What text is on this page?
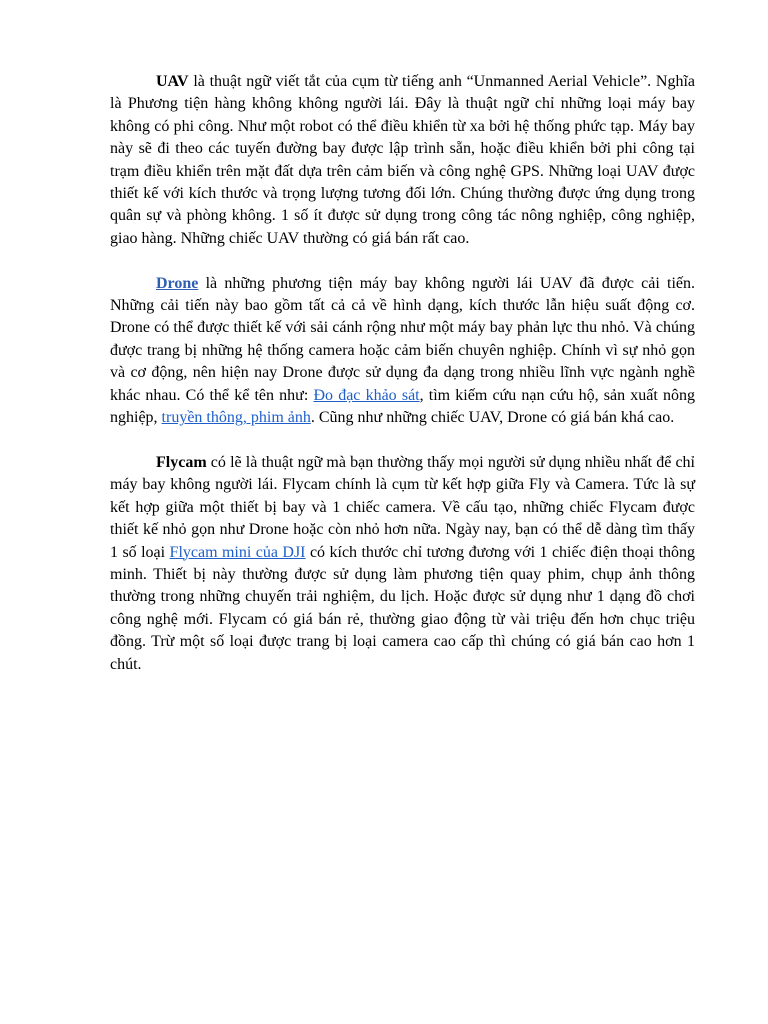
UAV là thuật ngữ viết tắt của cụm từ tiếng anh “Unmanned Aerial Vehicle”. Nghĩa là Phương tiện hàng không không người lái. Đây là thuật ngữ chỉ những loại máy bay không có phi công. Như một robot có thể điều khiển từ xa bởi hệ thống phức tạp. Máy bay này sẽ đi theo các tuyến đường bay được lập trình sẵn, hoặc điều khiển bởi phi công tại trạm điều khiển trên mặt đất dựa trên cảm biến và công nghệ GPS. Những loại UAV được thiết kế với kích thước và trọng lượng tương đối lớn. Chúng thường được ứng dụng trong quân sự và phòng không. 1 số ít được sử dụng trong công tác nông nghiệp, công nghiệp, giao hàng. Những chiếc UAV thường có giá bán rất cao.

Drone là những phương tiện máy bay không người lái UAV đã được cải tiến. Những cải tiến này bao gồm tất cả cả về hình dạng, kích thước lẫn hiệu suất động cơ. Drone có thể được thiết kế với sải cánh rộng như một máy bay phản lực thu nhỏ. Và chúng được trang bị những hệ thống camera hoặc cảm biến chuyên nghiệp. Chính vì sự nhỏ gọn và cơ động, nên hiện nay Drone được sử dụng đa dạng trong nhiều lĩnh vực ngành nghề khác nhau. Có thể kể tên như: Đo đạc khảo sát, tìm kiếm cứu nạn cứu hộ, sản xuất nông nghiệp, truyền thông, phim ảnh. Cũng như những chiếc UAV, Drone có giá bán khá cao.

Flycam có lẽ là thuật ngữ mà bạn thường thấy mọi người sử dụng nhiều nhất để chỉ máy bay không người lái. Flycam chính là cụm từ kết hợp giữa Fly và Camera. Tức là sự kết hợp giữa một thiết bị bay và 1 chiếc camera. Về cấu tạo, những chiếc Flycam được thiết kế nhỏ gọn như Drone hoặc còn nhỏ hơn nữa. Ngày nay, bạn có thể dễ dàng tìm thấy 1 số loại Flycam mini của DJI có kích thước chỉ tương đương với 1 chiếc điện thoại thông minh. Thiết bị này thường được sử dụng làm phương tiện quay phim, chụp ảnh thông thường trong những chuyến trải nghiệm, du lịch. Hoặc được sử dụng như 1 dạng đồ chơi công nghệ mới. Flycam có giá bán rẻ, thường giao động từ vài triệu đến hơn chục triệu đồng. Trừ một số loại được trang bị loại camera cao cấp thì chúng có giá bán cao hơn 1 chút.
